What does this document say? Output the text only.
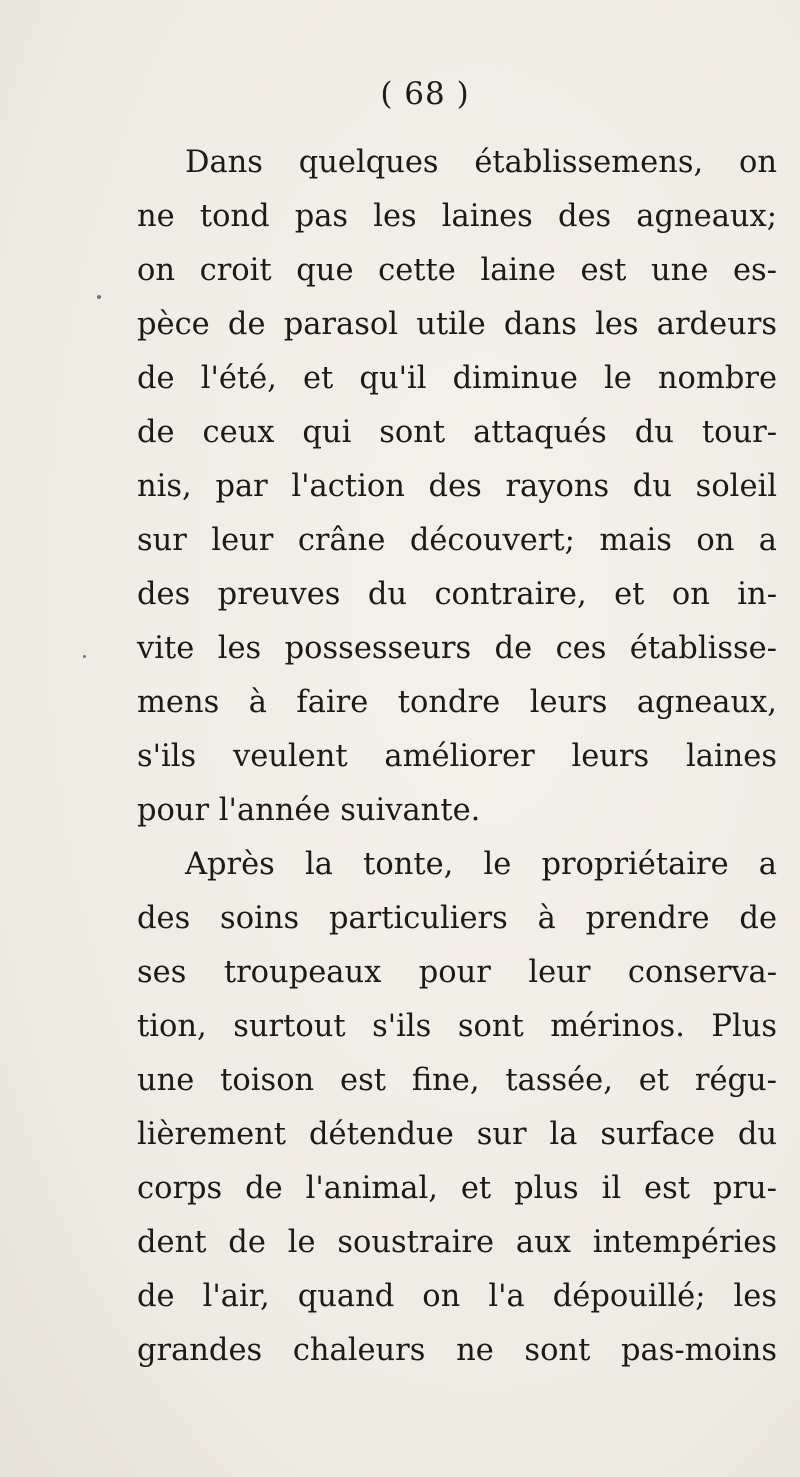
( 68 )
Dans quelques établissemens, on
ne tond pas les laines des agneaux;
on croit que cette laine est une es-
pèce de parasol utile dans les ardeurs
de l'été, et qu'il diminue le nombre
de ceux qui sont attaqués du tour-
nis, par l'action des rayons du soleil
sur leur crâne découvert; mais on a
des preuves du contraire, et on in-
vite les possesseurs de ces établisse-
mens à faire tondre leurs agneaux,
s'ils veulent améliorer leurs laines
pour l'année suivante.
Après la tonte, le propriétaire a
des soins particuliers à prendre de
ses troupeaux pour leur conserva-
tion, surtout s'ils sont mérinos. Plus
une toison est fine, tassée, et régu-
lièrement détendue sur la surface du
corps de l'animal, et plus il est pru-
dent de le soustraire aux intempéries
de l'air, quand on l'a dépouillé; les
grandes chaleurs ne sont pas-moins
